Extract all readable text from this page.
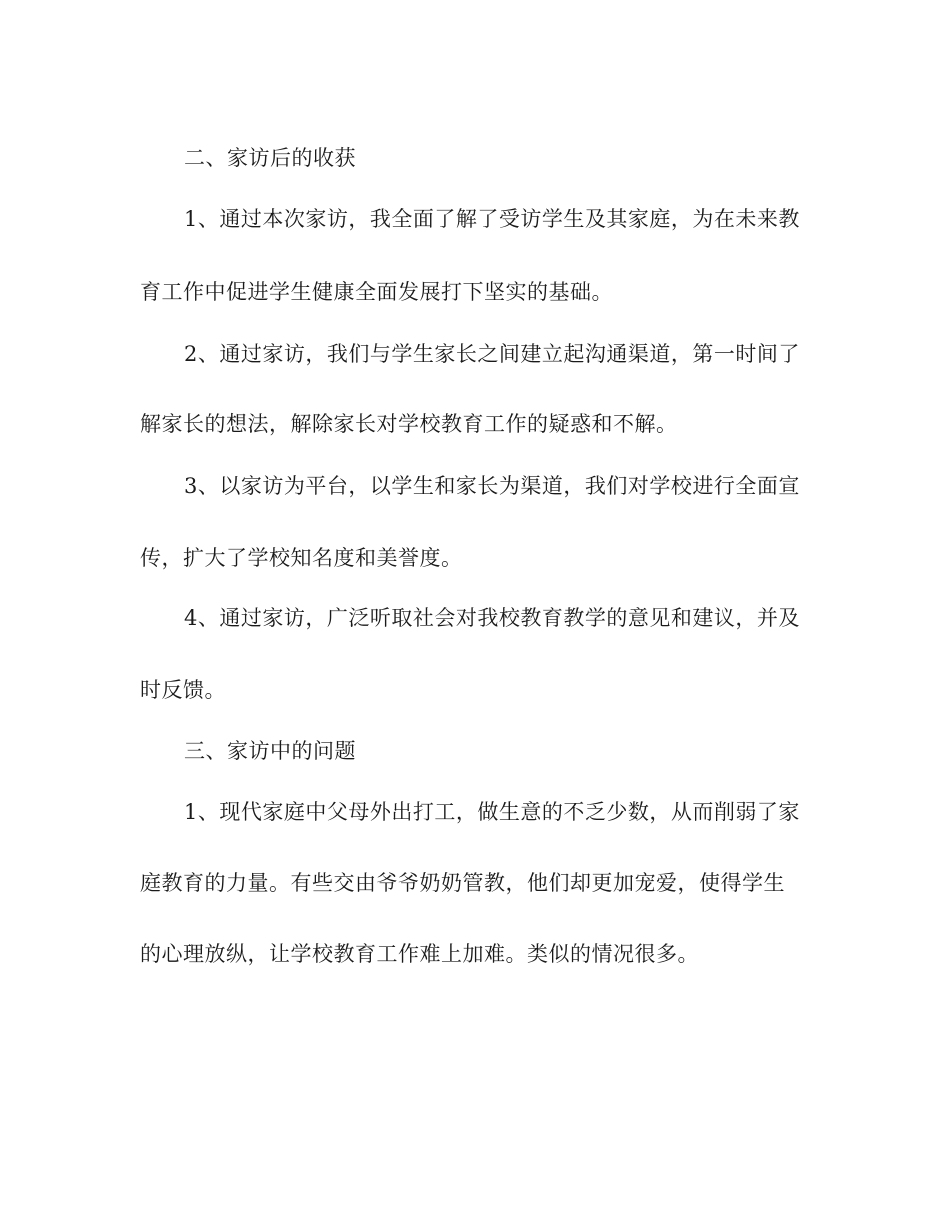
二、家访后的收获
1、通过本次家访，我全面了解了受访学生及其家庭，为在未来教
育工作中促进学生健康全面发展打下坚实的基础。
2、通过家访，我们与学生家长之间建立起沟通渠道，第一时间了
解家长的想法，解除家长对学校教育工作的疑惑和不解。
3、以家访为平台，以学生和家长为渠道，我们对学校进行全面宣
传，扩大了学校知名度和美誉度。
4、通过家访，广泛听取社会对我校教育教学的意见和建议，并及
时反馈。
三、家访中的问题
1、现代家庭中父母外出打工，做生意的不乏少数，从而削弱了家
庭教育的力量。有些交由爷爷奶奶管教，他们却更加宠爱，使得学生
的心理放纵，让学校教育工作难上加难。类似的情况很多。
